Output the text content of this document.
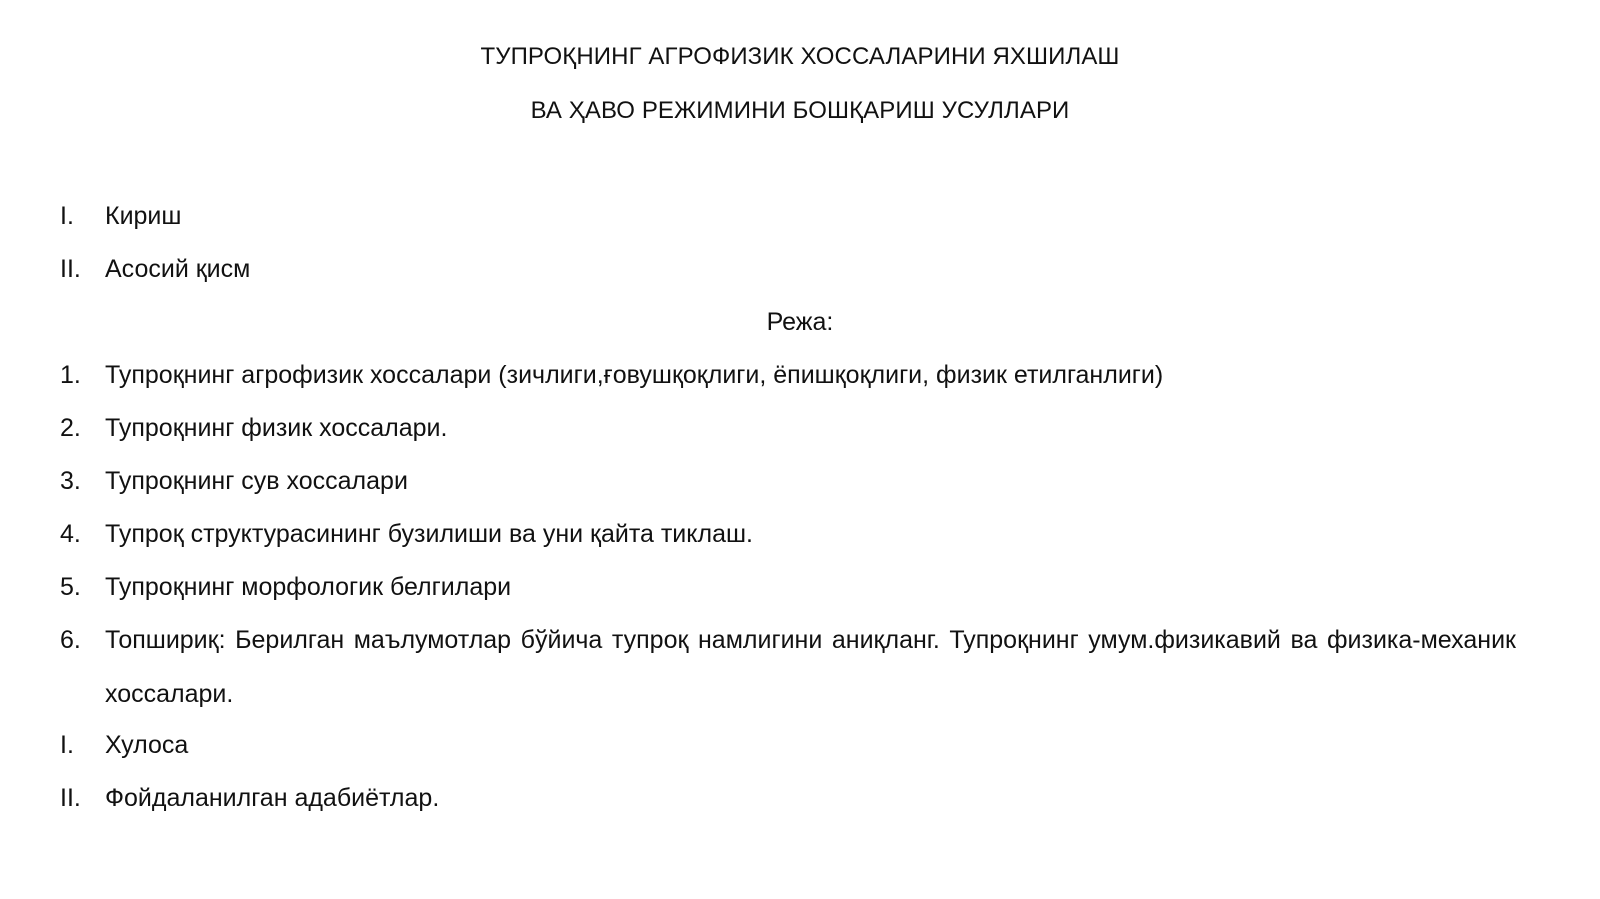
ТУПРОҚНИНГ АГРОФИЗИК ХОССАЛАРИНИ ЯХШИЛАШ
ВА ҲАВО РЕЖИМИНИ БОШҚАРИШ УСУЛЛАРИ
I. Кириш
II. Асосий қисм
Режа:
1. Тупроқнинг агрофизик хоссалари (зичлиги,ғовушқоқлиги, ёпишқоқлиги, физик етилганлиги)
2. Тупроқнинг физик хоссалари.
3. Тупроқнинг сув хоссалари
4. Тупроқ структурасининг бузилиши ва уни қайта тиклаш.
5. Тупроқнинг морфологик белгилари
6. Топшириқ: Берилган маълумотлар бўйича тупроқ намлигини аниқланг. Тупроқнинг умум.физикавий ва физика-механик хоссалари.
I. Хулоса
II. Фойдаланилган адабиётлар.
